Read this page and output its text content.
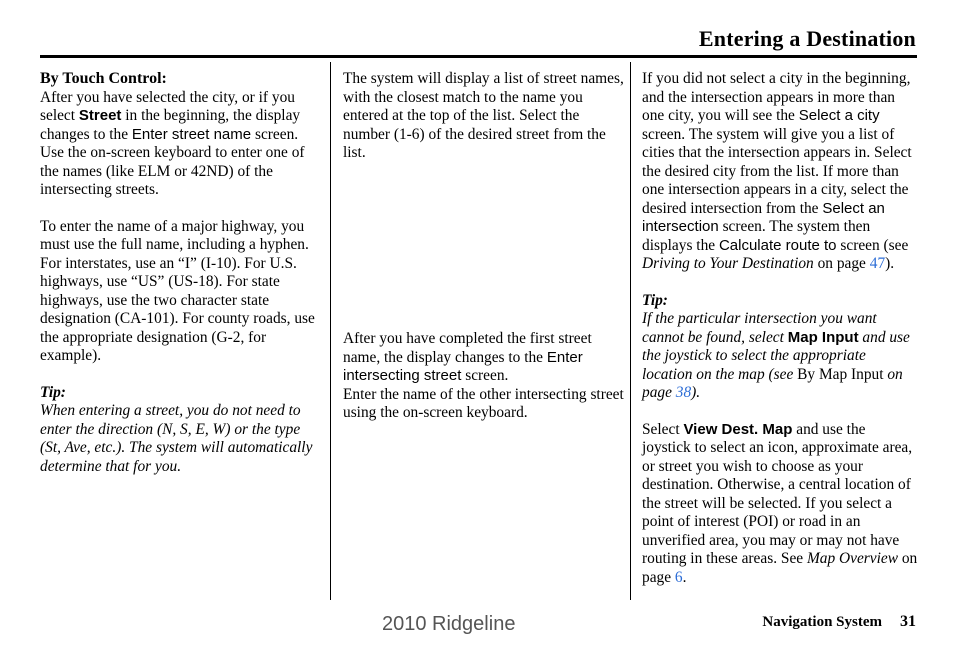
Entering a Destination

By Touch Control:

After you have selected the city, or if you select Street in the beginning, the display changes to the Enter street name screen. Use the on-screen keyboard to enter one of the names (like ELM or 42ND) of the intersecting streets.

To enter the name of a major highway, you must use the full name, including a hyphen. For interstates, use an “I” (I-10). For U.S. highways, use “US” (US-18). For state highways, use the two character state designation (CA-101). For county roads, use the appropriate designation (G-2, for example).

Tip:

When entering a street, you do not need to enter the direction (N, S, E, W) or the type (St, Ave, etc.). The system will automatically determine that for you.

The system will display a list of street names, with the closest match to the name you entered at the top of the list. Select the number (1-6) of the desired street from the list.

After you have completed the first street name, the display changes to the Enter intersecting street screen.

Enter the name of the other intersecting street using the on-screen keyboard.

If you did not select a city in the beginning, and the intersection appears in more than one city, you will see the Select a city screen. The system will give you a list of cities that the intersection appears in. Select the desired city from the list. If more than one intersection appears in a city, select the desired intersection from the Select an intersection screen. The system then displays the Calculate route to screen (see Driving to Your Destination on page 47).

Tip:

If the particular intersection you want cannot be found, select Map Input and use the joystick to select the appropriate location on the map (see By Map Input on page 38).

Select View Dest. Map and use the joystick to select an icon, approximate area, or street you wish to choose as your destination. Otherwise, a central location of the street will be selected. If you select a point of interest (POI) or road in an unverified area, you may or may not have routing in these areas. See Map Overview on page 6.

2010 Ridgeline	Navigation System 31
